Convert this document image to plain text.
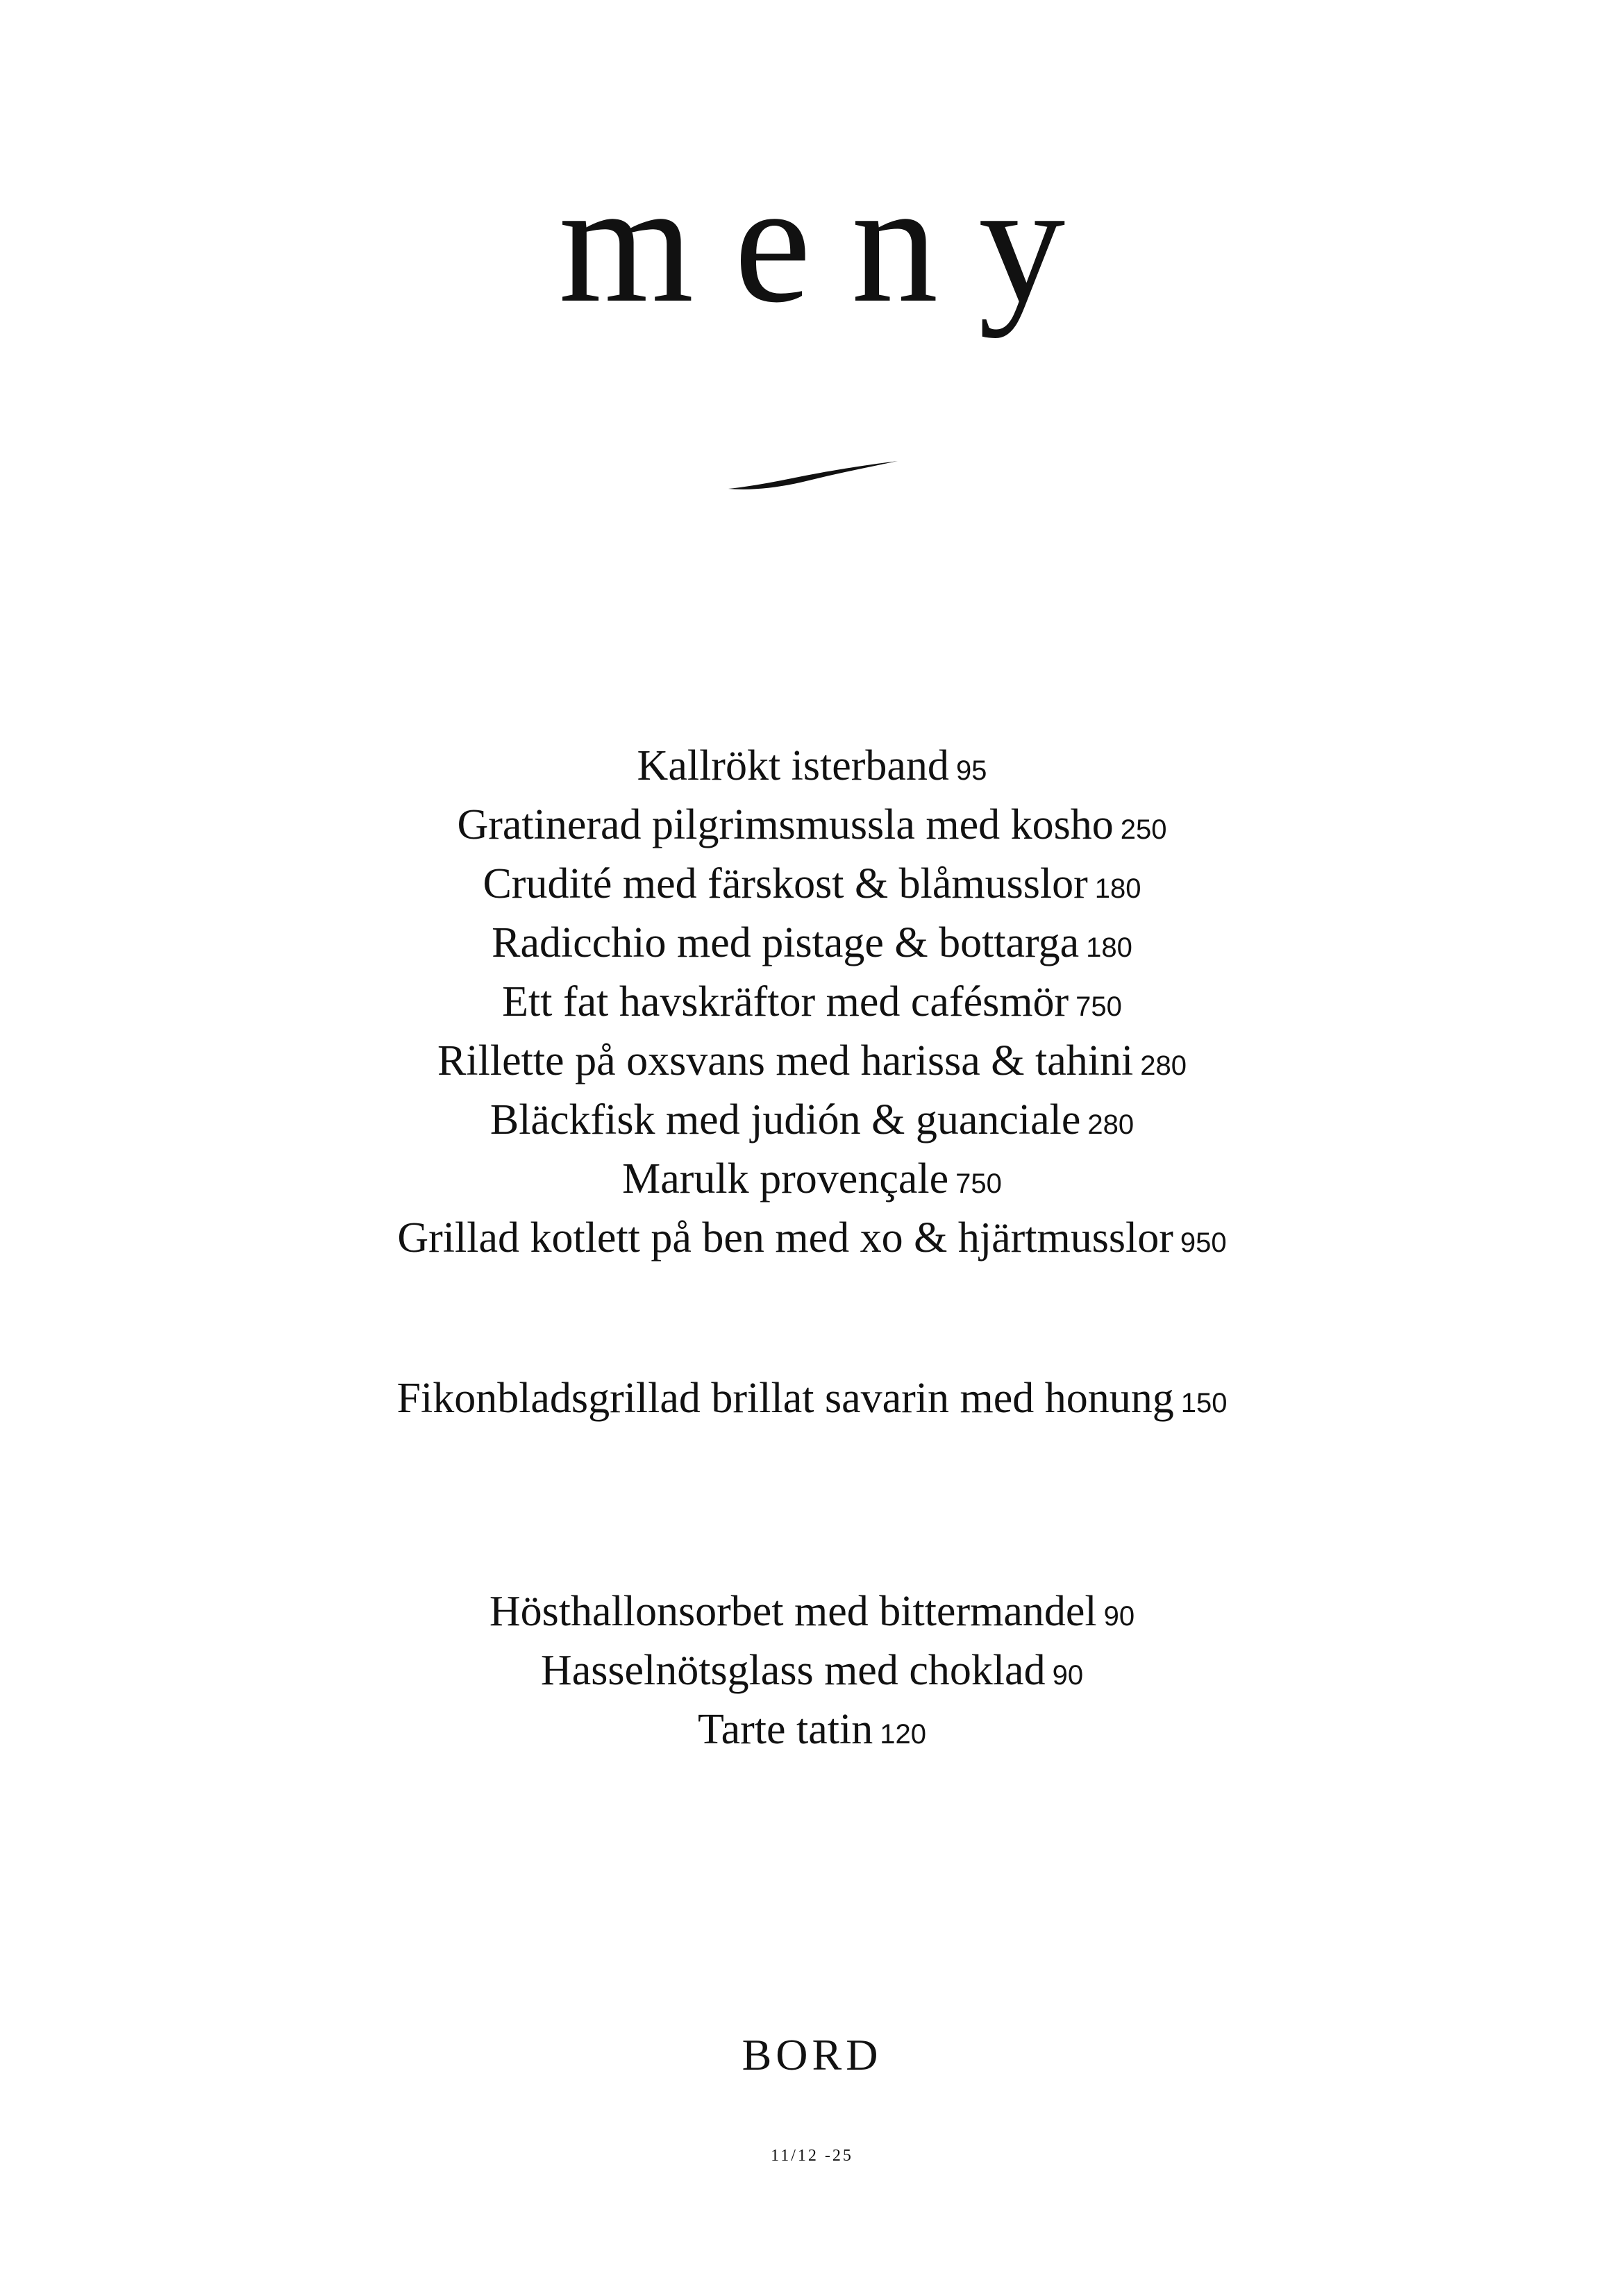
meny
Kallrökt isterband 95
Gratinerad pilgrimsmussla med kosho 250
Crudité med färskost & blåmusslor 180
Radicchio med pistage & bottarga 180
Ett fat havskräftor med cafésmör 750
Rillette på oxsvans med harissa & tahini 280
Bläckfisk med judión & guanciale 280
Marulk provençale 750
Grillad kotlett på ben med xo & hjärtmusslor 950
Fikonbladsgrillad brillat savarin med honung 150
Hösthallonsorbet med bittermandel 90
Hasselnötsglass med choklad 90
Tarte tatin 120
BORD
11/12 -25
